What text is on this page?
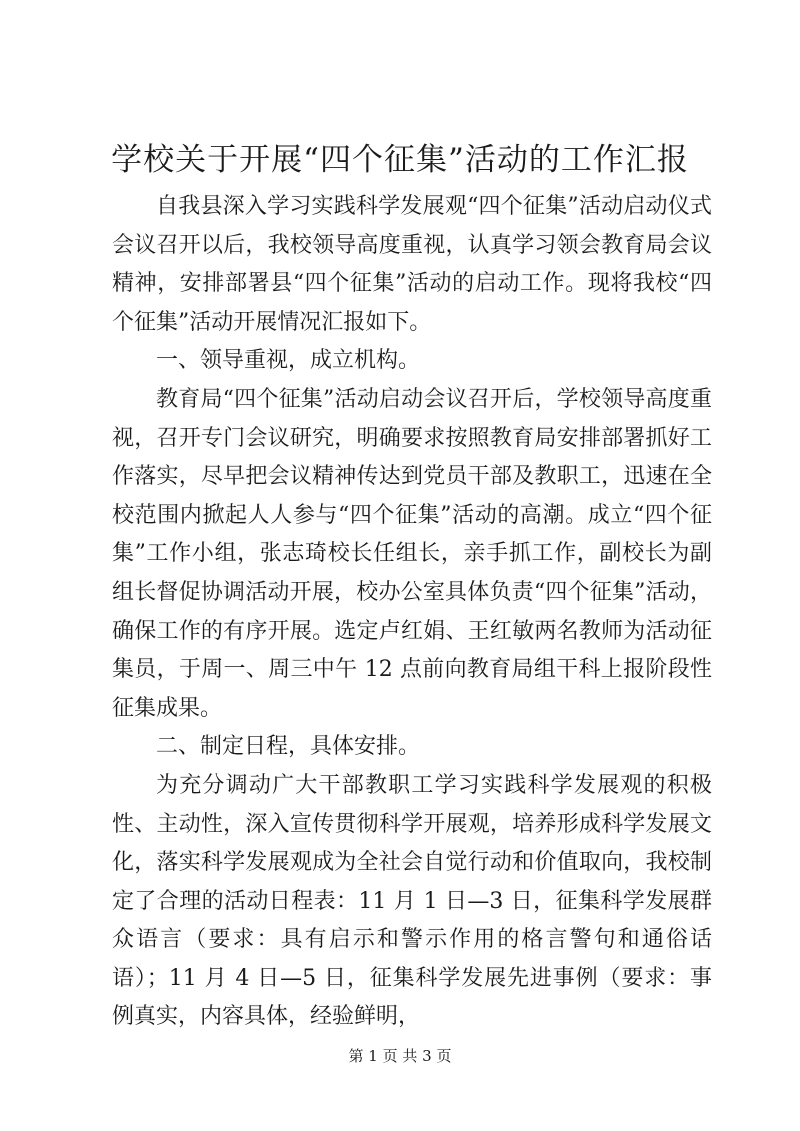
学校关于开展“四个征集”活动的工作汇报

自我县深入学习实践科学发展观“四个征集”活动启动仪式会议召开以后，我校领导高度重视，认真学习领会教育局会议精神，安排部署县“四个征集”活动的启动工作。现将我校“四个征集”活动开展情况汇报如下。

一、领导重视，成立机构。

教育局“四个征集”活动启动会议召开后，学校领导高度重视，召开专门会议研究，明确要求按照教育局安排部署抓好工作落实，尽早把会议精神传达到党员干部及教职工，迅速在全校范围内掀起人人参与“四个征集”活动的高潮。成立“四个征集”工作小组，张志琦校长任组长，亲手抓工作，副校长为副组长督促协调活动开展，校办公室具体负责“四个征集”活动，确保工作的有序开展。选定卢红娟、王红敏两名教师为活动征集员，于周一、周三中午 12 点前向教育局组干科上报阶段性征集成果。

二、制定日程，具体安排。

为充分调动广大干部教职工学习实践科学发展观的积极性、主动性，深入宣传贯彻科学开展观，培养形成科学发展文化，落实科学发展观成为全社会自觉行动和价值取向，我校制定了合理的活动日程表：11 月 1 日—3 日，征集科学发展群众语言（要求：具有启示和警示作用的格言警句和通俗话语）；11 月 4 日—5 日，征集科学发展先进事例（要求：事例真实，内容具体，经验鲜明，

第 1 页 共 3 页
